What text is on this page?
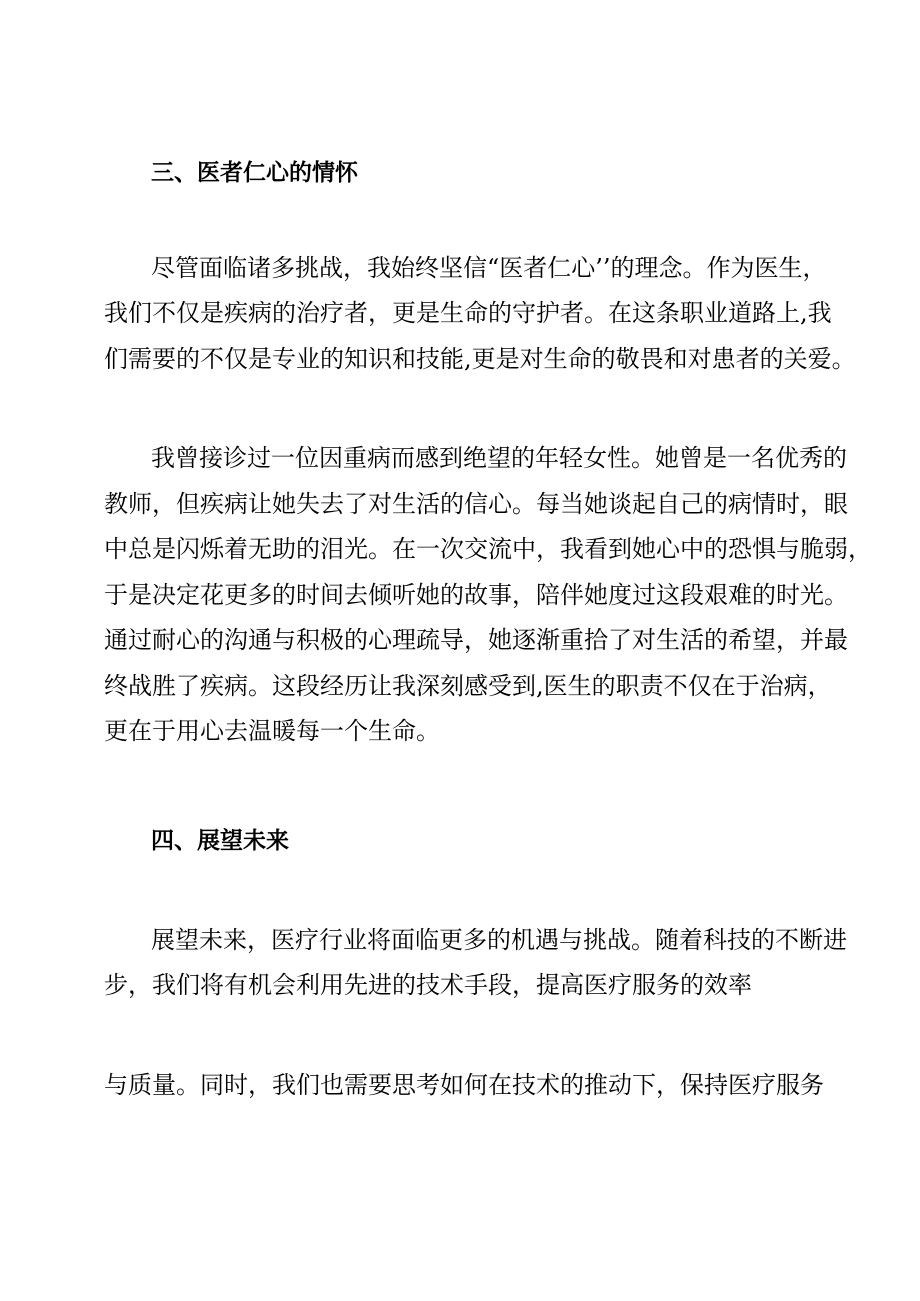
三、医者仁心的情怀
尽管面临诸多挑战，我始终坚信“医者仁心’’的理念。作为医生，
我们不仅是疾病的治疗者，更是生命的守护者。在这条职业道路上,我
们需要的不仅是专业的知识和技能,更是对生命的敬畏和对患者的关爱。
我曾接诊过一位因重病而感到绝望的年轻女性。她曾是一名优秀的
教师，但疾病让她失去了对生活的信心。每当她谈起自己的病情时，眼
中总是闪烁着无助的泪光。在一次交流中，我看到她心中的恐惧与脆弱，
于是决定花更多的时间去倾听她的故事，陪伴她度过这段艰难的时光。
通过耐心的沟通与积极的心理疏导，她逐渐重拾了对生活的希望，并最
终战胜了疾病。这段经历让我深刻感受到,医生的职责不仅在于治病，
更在于用心去温暖每一个生命。
四、展望未来
展望未来，医疗行业将面临更多的机遇与挑战。随着科技的不断进
步，我们将有机会利用先进的技术手段，提高医疗服务的效率
与质量。同时，我们也需要思考如何在技术的推动下，保持医疗服务
